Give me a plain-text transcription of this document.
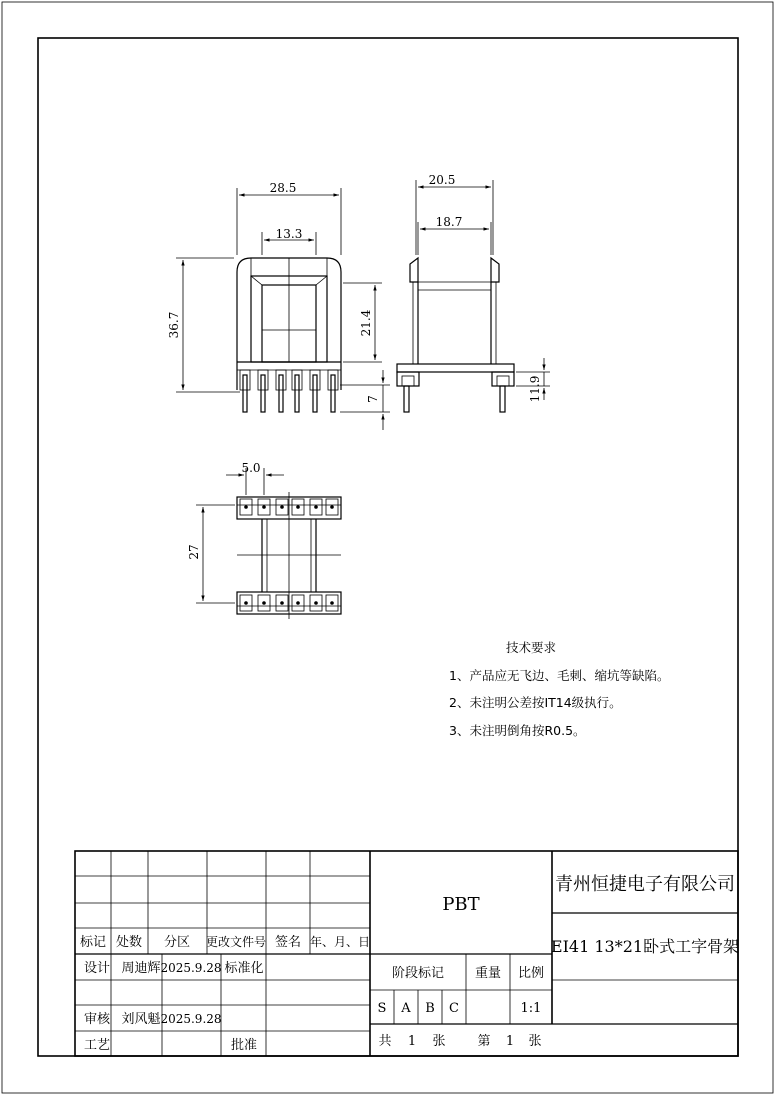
28.5
13.3
36.7	21.4
7
20.5
18.7
11.9
5.0
27
技术要求
1、产品应无飞边、毛刺、缩坑等缺陷。
2、未注明公差按IT14级执行。
3、未注明倒角按R0.5。
标记 处数 分区 更改文件号 签名 年、月、日
设计 周迪辉 2025.9.28 标准化
审核 刘风魁 2025.9.28
工艺	批准
PBT
阶段标记 重量 比例
S A B C	1:1
共 1 张 第 1 张
青州恒捷电子有限公司
EI41 13*21卧式工字骨架
